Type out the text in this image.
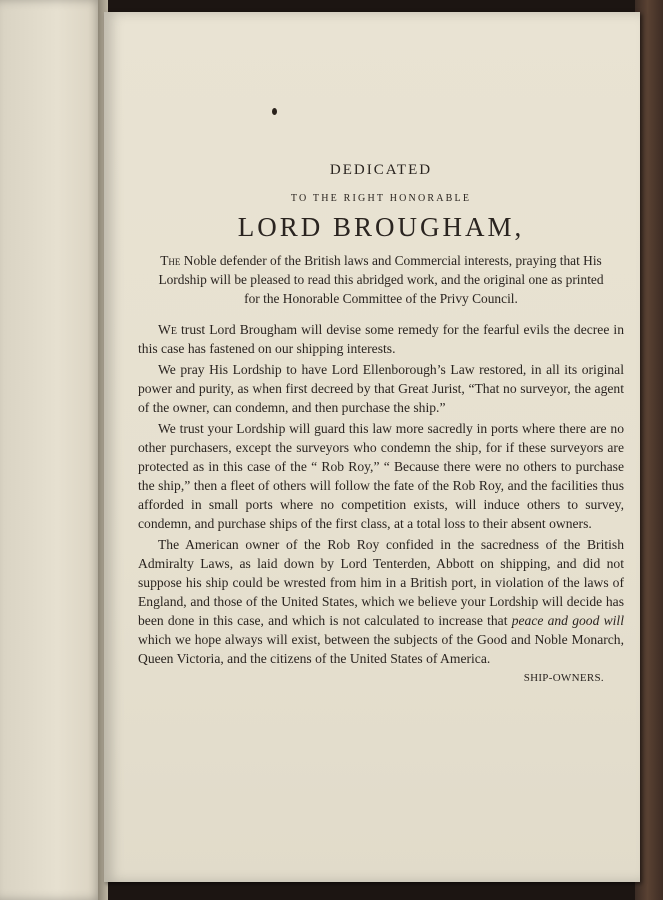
DEDICATED
TO THE RIGHT HONORABLE
LORD BROUGHAM,
The Noble defender of the British laws and Commercial interests, praying that His Lordship will be pleased to read this abridged work, and the original one as printed for the Honorable Committee of the Privy Council.

We trust Lord Brougham will devise some remedy for the fearful evils the decree in this case has fastened on our shipping interests.

We pray His Lordship to have Lord Ellenborough’s Law restored, in all its original power and purity, as when first decreed by that Great Jurist, “That no surveyor, the agent of the owner, can condemn, and then purchase the ship.”

We trust your Lordship will guard this law more sacredly in ports where there are no other purchasers, except the surveyors who condemn the ship, for if these surveyors are protected as in this case of the “ Rob Roy,” “ Because there were no others to purchase the ship,” then a fleet of others will follow the fate of the Rob Roy, and the facilities thus afforded in small ports where no competition exists, will induce others to survey, condemn, and purchase ships of the first class, at a total loss to their absent owners.

The American owner of the Rob Roy confided in the sacredness of the British Admiralty Laws, as laid down by Lord Tenterden, Abbott on shipping, and did not suppose his ship could be wrested from him in a British port, in violation of the laws of England, and those of the United States, which we believe your Lordship will decide has been done in this case, and which is not calculated to increase that peace and good will which we hope always will exist, between the subjects of the Good and Noble Monarch, Queen Victoria, and the citizens of the United States of America.

SHIP-OWNERS.
